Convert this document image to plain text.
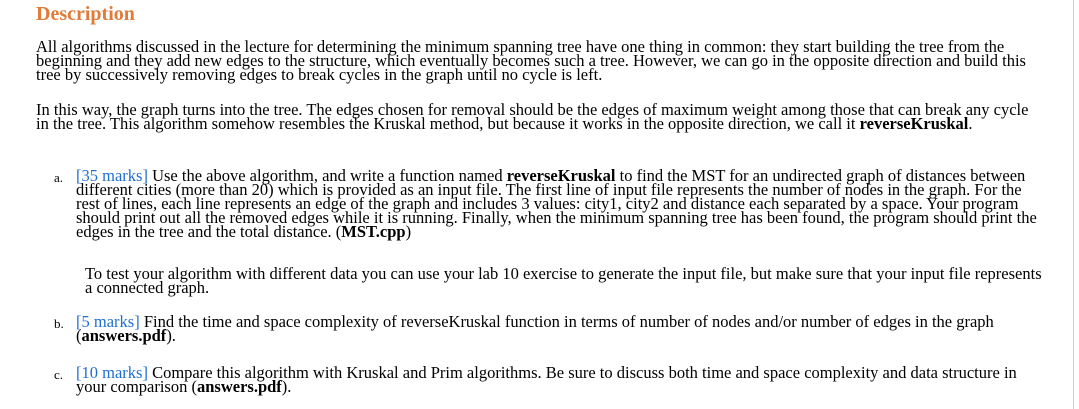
Description

All algorithms discussed in the lecture for determining the minimum spanning tree have one thing in common: they start building the tree from the beginning and they add new edges to the structure, which eventually becomes such a tree. However, we can go in the opposite direction and build this tree by successively removing edges to break cycles in the graph until no cycle is left.

In this way, the graph turns into the tree. The edges chosen for removal should be the edges of maximum weight among those that can break any cycle in the tree. This algorithm somehow resembles the Kruskal method, but because it works in the opposite direction, we call it reverseKruskal.

a. [35 marks] Use the above algorithm, and write a function named reverseKruskal to find the MST for an undirected graph of distances between different cities (more than 20) which is provided as an input file. The first line of input file represents the number of nodes in the graph. For the rest of lines, each line represents an edge of the graph and includes 3 values: city1, city2 and distance each separated by a space. Your program should print out all the removed edges while it is running. Finally, when the minimum spanning tree has been found, the program should print the edges in the tree and the total distance. (MST.cpp)
To test your algorithm with different data you can use your lab 10 exercise to generate the input file, but make sure that your input file represents a connected graph.
b. [5 marks] Find the time and space complexity of reverseKruskal function in terms of number of nodes and/or number of edges in the graph (answers.pdf).
c. [10 marks] Compare this algorithm with Kruskal and Prim algorithms. Be sure to discuss both time and space complexity and data structure in your comparison (answers.pdf).
